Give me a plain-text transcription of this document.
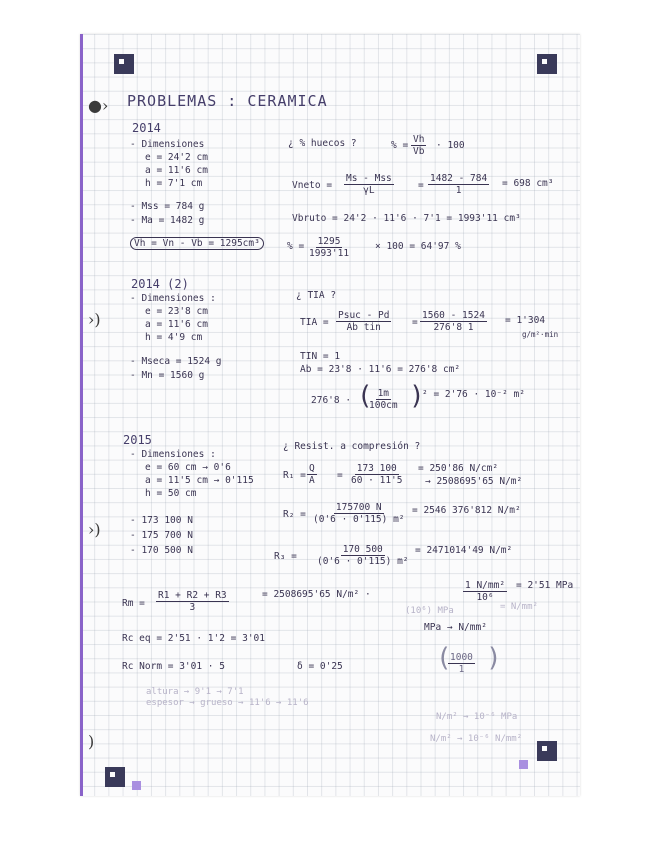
●›
›)
›)
)
PROBLEMAS : CERAMICA
2014
- Dimensiones
e = 24'2 cm
a = 11'6 cm
h = 7'1 cm
- Mss = 784 g
- Ma = 1482 g
Vh = Vn - Vb = 1295cm³
¿ % huecos ?	% = $\frac{Vh}{Vb} \cdot 100$
Vneto =
Ms - Mss
γL	= $\frac{1482 - 784}{1} = 698$ cm³
Vbruto = 24'2 · 11'6 · 7'1 = 1993'11 cm³
% = $\frac{1295}{1993'11}$	× 100 = 64'97 %
2014 (2)
- Dimensiones :
e = 23'8 cm
a = 11'6 cm
h = 4'9 cm
- Mseca = 1524 g
- Mn = 1560 g
¿ TIA ?
TIA =
Psuc - Pd
Ab tin	= $\frac{1560 - 1524}{276'8 1} = 1'304$
g/m²·min
TIN = 1
Ab = 23'8 · 11'6 = 276'8 cm²
276'8 · (
$\frac{1m}{100cm}$ )
² = 2'76 · 10⁻² m²
2015
- Dimensiones :
e = 60 cm → 0'6
a = 11'5 cm → 0'115
h = 50 cm
- 173 100 N
- 175 700 N
- 170 500 N
¿ Resist. a compresión ?
$R_1 = \frac{Q}{A} = \frac{173 100}{60 \cdot 11'5} = 250'86$ N/cm²
→ 2508695'65 N/m²
$R_2 = \frac{175700 N}{\text{(0'6 · 0'115) m²}} = 2546$ 376'812 N/m²
$R_3 = \frac{170 500}{\text{(0'6 · 0'115) m²}} = 2471014'49$ N/m²
$Rm = \frac{R1 + R2 + R3}{3}$	= 2508695'65 N/m² ·	$\frac{\text{1 N/mm²}}{\text{10⁶}} = 2'51$ MPa
(10⁶) MPa	= N/mm²
MPa → N/mm²
Rc eq = 2'51 · 1'2 = 3'01
Rc Norm = 3'01 · 5	δ = 0'25	(
$\frac{1000}{1}$ )
altura → 9'1 → 7'1
espesor → grueso → 11'6 → 11'6
N/m² → 10⁻⁶ MPa
N/m² → 10⁻⁶ N/mm²
